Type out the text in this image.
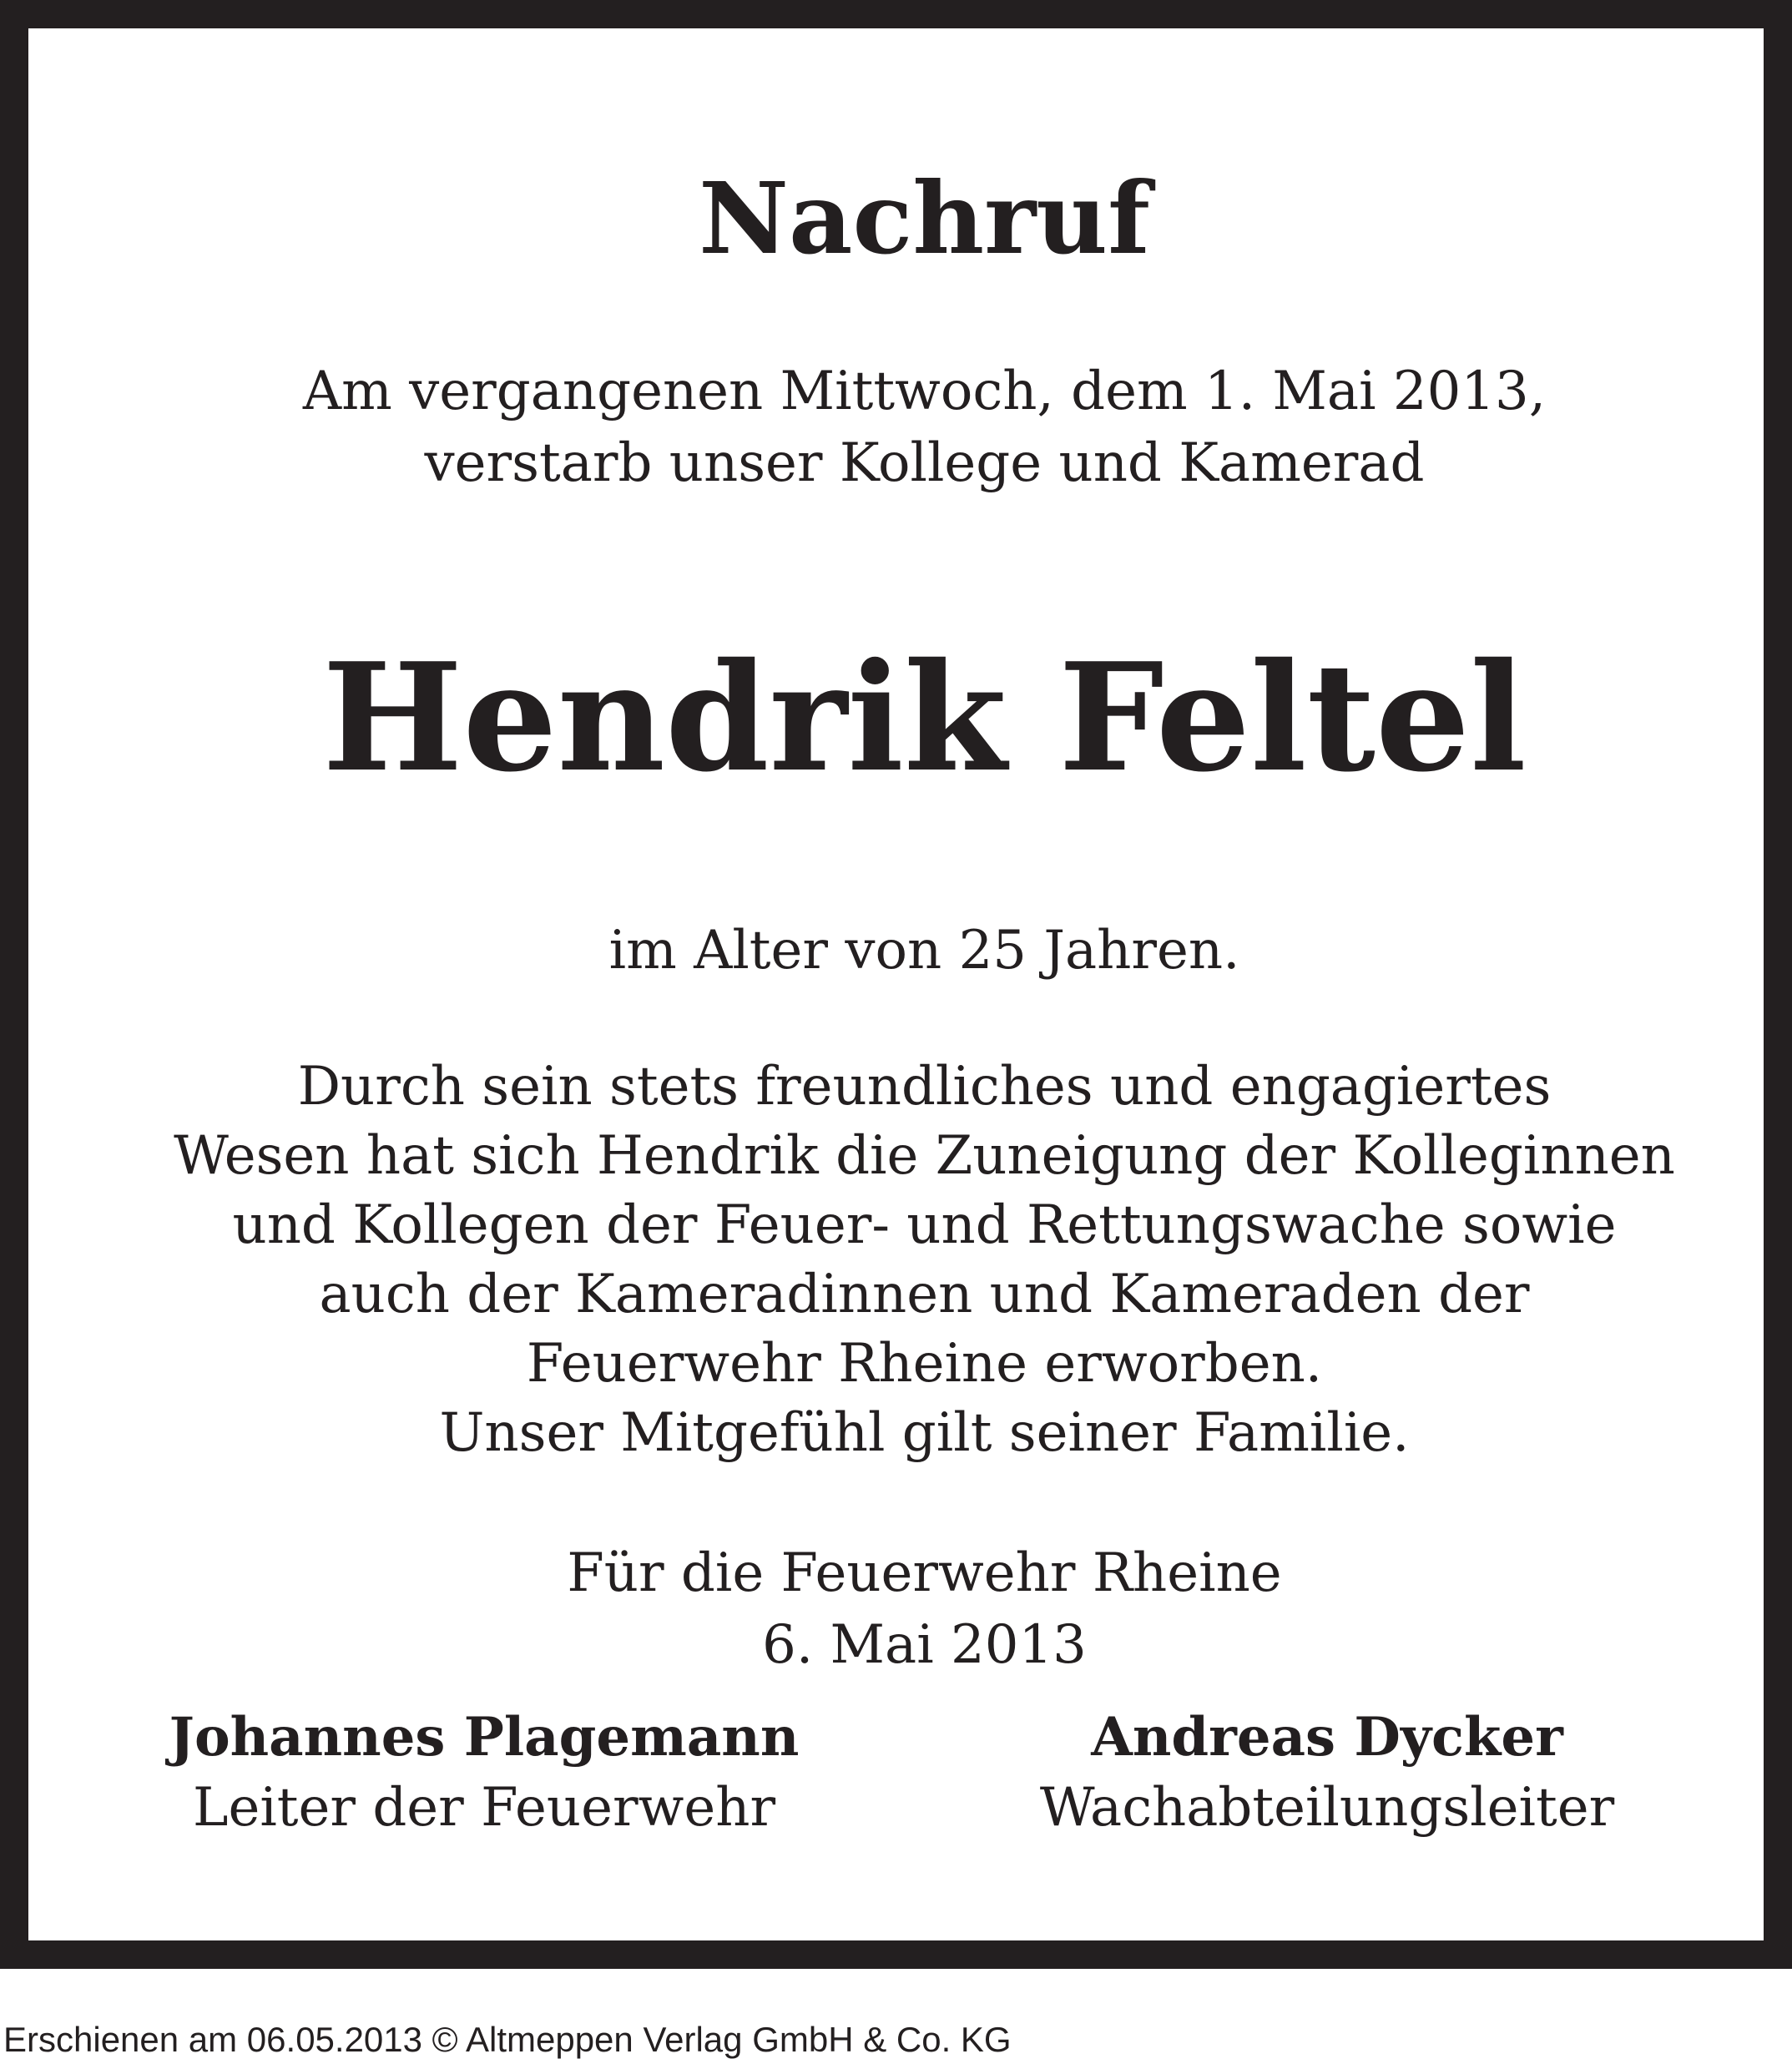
Nachruf
Am vergangenen Mittwoch, dem 1. Mai 2013,
verstarb unser Kollege und Kamerad
Hendrik Feltel
im Alter von 25 Jahren.
Durch sein stets freundliches und engagiertes
Wesen hat sich Hendrik die Zuneigung der Kolleginnen
und Kollegen der Feuer- und Rettungswache sowie
auch der Kameradinnen und Kameraden der
Feuerwehr Rheine erworben.
Unser Mitgefühl gilt seiner Familie.
Für die Feuerwehr Rheine
6. Mai 2013
Johannes Plagemann
Leiter der Feuerwehr
Andreas Dycker
Wachabteilungsleiter
Erschienen am 06.05.2013 © Altmeppen Verlag GmbH & Co. KG
